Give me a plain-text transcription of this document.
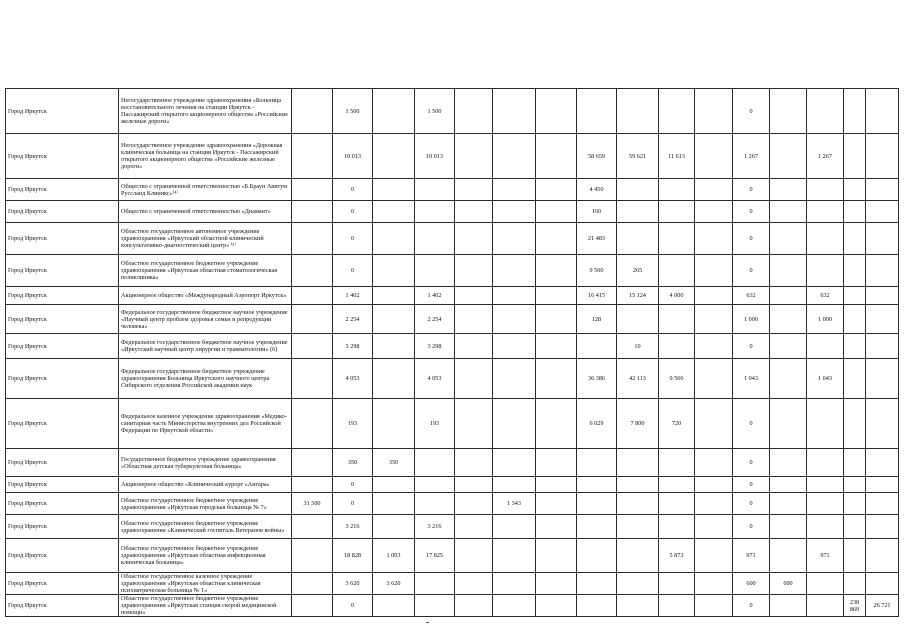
Город Иркутск	Негосударственное учреждение здравоохранения «Больница восстановительного лечения на станции Иркутск - Пассажирский открытого акционерного общества «Российские железные дороги»		1 500		1 500								0					
Город Иркутск	Негосударственное учреждение здравоохранения «Дорожная клиническая больница на станции Иркутск - Пассажирский открытого акционерного общества «Российские железные дороги»		10 013		10 013				58 659	59 621	11 613		1 267		1 267			
Город Иркутск	Общество с ограниченной ответственностью «Б.Браун Авитум Руссланд Клиникс»⁽⁴⁾		0						4 450				0					
Город Иркутск	Общество с ограниченной ответственностью «Диамант»		0						160				0					
Город Иркутск	Областное государственное автономное учреждение здравоохранения «Иркутский областной клинический консультативно-диагностический центр» ⁽³⁾		0						21 483				0					
Город Иркутск	Областное государственное бюджетное учреждение здравоохранения «Иркутская областная стоматологическая поликлиника»		0						9 500	265			0					
Город Иркутск	Акционерное общество «Международный Аэропорт Иркутск»		1 402		1 402				16 415	15 124	4 000		632		632			
Город Иркутск	Федеральное государственное бюджетное научное учреждение «Научный центр проблем здоровья семьи и репродукции человека»		2 254		2 254				128				1 000		1 000			
Город Иркутск	Федеральное государственное бюджетное научное учреждение «Иркутский научный центр хирургии и травматологии» (6)		3 298		3 298					10			0					
Город Иркутск	Федеральное государственное бюджетное учреждение здравоохранения Больница Иркутского научного центра Сибирского отделения Российской академии наук		4 053		4 053				36 386	42 113	9 566		1 043		1 043			
Город Иркутск	Федеральное казенное учреждение здравоохранения «Медико-санитарная часть Министерства внутренних дел Российской Федерации по Иркутской области»		193		193				6 029	7 800	720		0					
Город Иркутск	Государственное бюджетное учреждение здравоохранения «Областная детская туберкулезная больница»		350	350									0					
Город Иркутск	Акционерное общество «Клинический курорт «Ангара»		0										0					
Город Иркутск	Областное государственное бюджетное учреждение здравоохранения «Иркутская городская больница № 7»	31 500	0				1 343						0					
Город Иркутск	Областное государственное бюджетное учреждение здравоохранения «Клинический госпиталь Ветеранов войны»		3 216		3 216								0					
Город Иркутск	Областное государственное бюджетное учреждение здравоохранения «Иркутская областная инфекционная клиническая больница»		18 828	1 003	17 825						5 873		971		971			
Город Иркутск	Областное государственное казенное учреждение здравоохранения «Иркутская областная клиническая психиатрическая больница № 1»		3 620	3 620									600	600				
Город Иркутск	Областное государственное бюджетное учреждение здравоохранения «Иркутская станция скорой медицинской помощи»		0										0			238 869	26 721	
